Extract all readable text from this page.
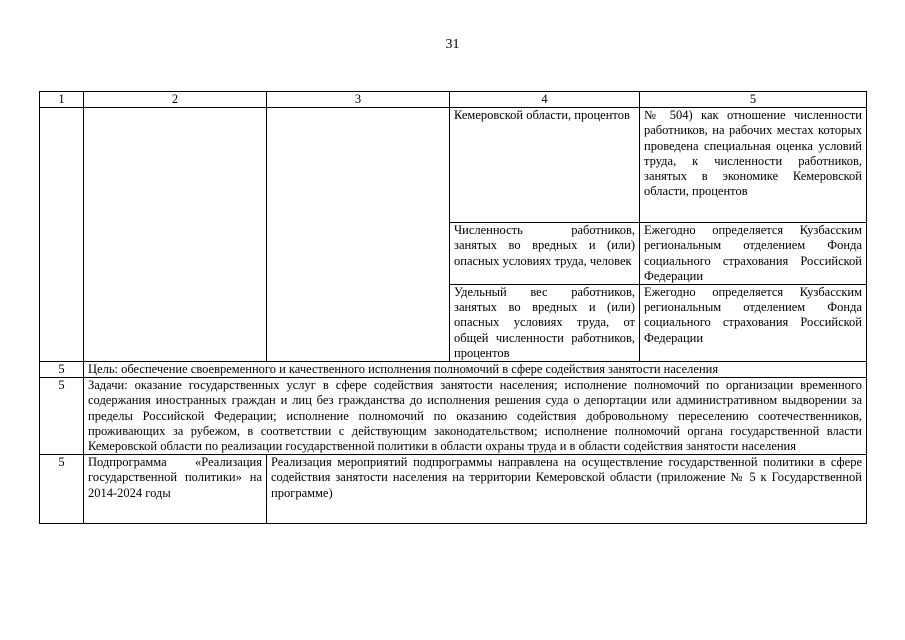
31
1	2	3	4	5
			Кемеровской области, процентов	№ 504) как отношение численности работников, на рабочих местах которых проведена специальная оценка условий труда, к численности работников, занятых в экономике Кемеровской области, процентов
			Численность работников, занятых во вредных и (или) опасных условиях труда, человек	Ежегодно определяется Кузбасским региональным отделением Фонда социального страхования Российской Федерации
			Удельный вес работников, занятых во вредных и (или) опасных условиях труда, от общей численности работников, процентов	Ежегодно определяется Кузбасским региональным отделением Фонда социального страхования Российской Федерации
5	Цель: обеспечение своевременного и качественного исполнения полномочий в сфере содействия занятости населения			
5	Задачи: оказание государственных услуг в сфере содействия занятости населения; исполнение полномочий по организации временного содержания иностранных граждан и лиц без гражданства до исполнения решения суда о депортации или административном выдворении за пределы Российской Федерации; исполнение полномочий по оказанию содействия добровольному переселению соотечественников, проживающих за рубежом, в соответствии с действующим законодательством; исполнение полномочий органа государственной власти Кемеровской области по реализации государственной политики в области охраны труда и в области содействия занятости населения			
5	Подпрограмма «Реализация государственной политики» на 2014-2024 годы	Реализация мероприятий подпрограммы направлена на осуществление государственной политики в сфере содействия занятости населения на территории Кемеровской области (приложение № 5 к Государственной программе)		
